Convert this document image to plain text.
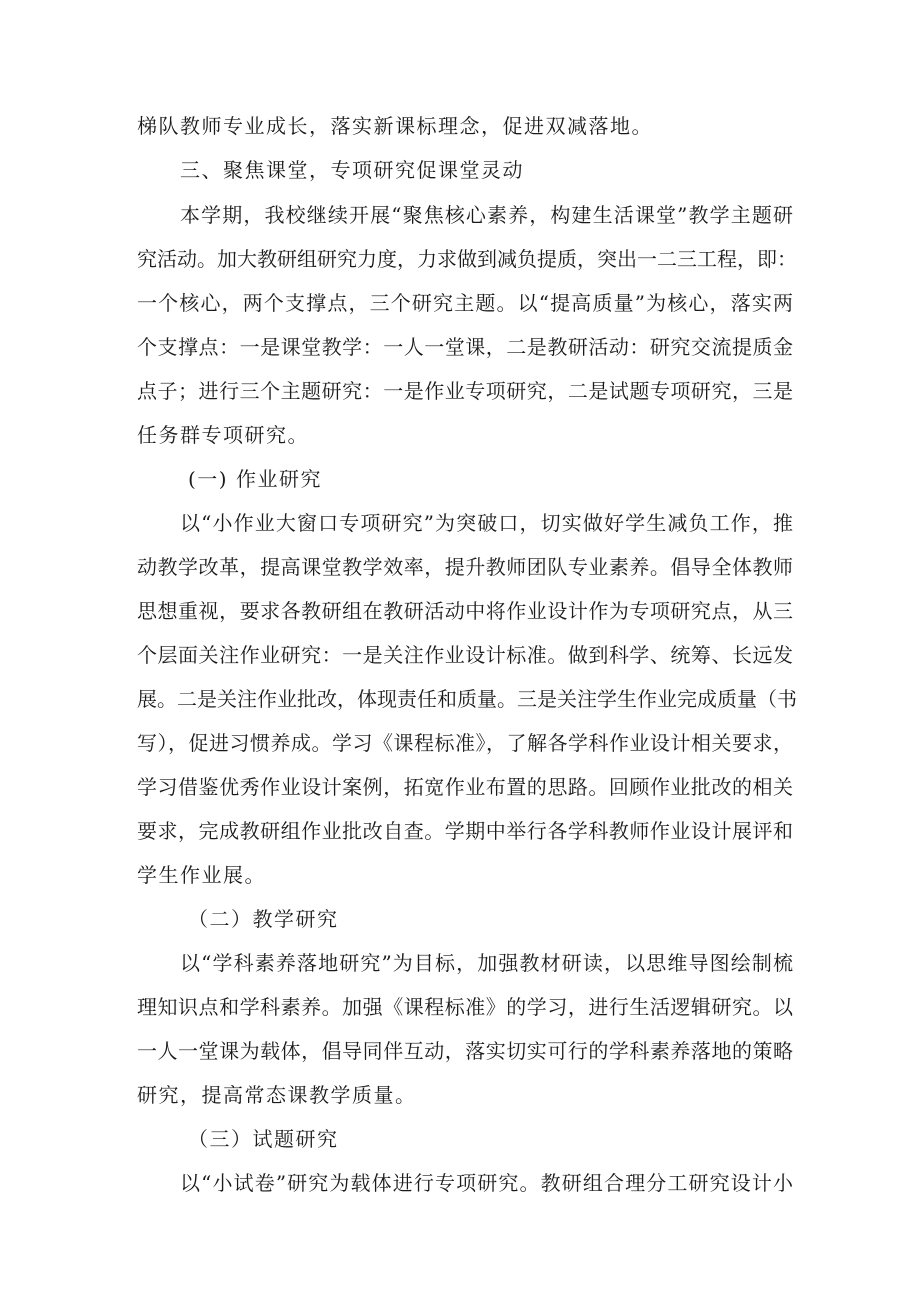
梯队教师专业成长，落实新课标理念，促进双减落地。
三、聚焦课堂，专项研究促课堂灵动
本学期，我校继续开展“聚焦核心素养，构建生活课堂”教学主题研
究活动。加大教研组研究力度，力求做到减负提质，突出一二三工程，即：
一个核心，两个支撑点，三个研究主题。以“提高质量”为核心，落实两
个支撑点：一是课堂教学：一人一堂课，二是教研活动：研究交流提质金
点子；进行三个主题研究：一是作业专项研究，二是试题专项研究，三是
任务群专项研究。
(一) 作业研究
以“小作业大窗口专项研究”为突破口，切实做好学生减负工作，推
动教学改革，提高课堂教学效率，提升教师团队专业素养。倡导全体教师
思想重视，要求各教研组在教研活动中将作业设计作为专项研究点，从三
个层面关注作业研究：一是关注作业设计标准。做到科学、统筹、长远发
展。二是关注作业批改，体现责任和质量。三是关注学生作业完成质量（书
写），促进习惯养成。学习《课程标准》，了解各学科作业设计相关要求，
学习借鉴优秀作业设计案例，拓宽作业布置的思路。回顾作业批改的相关
要求，完成教研组作业批改自查。学期中举行各学科教师作业设计展评和
学生作业展。
（二）教学研究
以“学科素养落地研究”为目标，加强教材研读，以思维导图绘制梳
理知识点和学科素养。加强《课程标准》的学习，进行生活逻辑研究。以
一人一堂课为载体，倡导同伴互动，落实切实可行的学科素养落地的策略
研究，提高常态课教学质量。
（三）试题研究
以“小试卷”研究为载体进行专项研究。教研组合理分工研究设计小
